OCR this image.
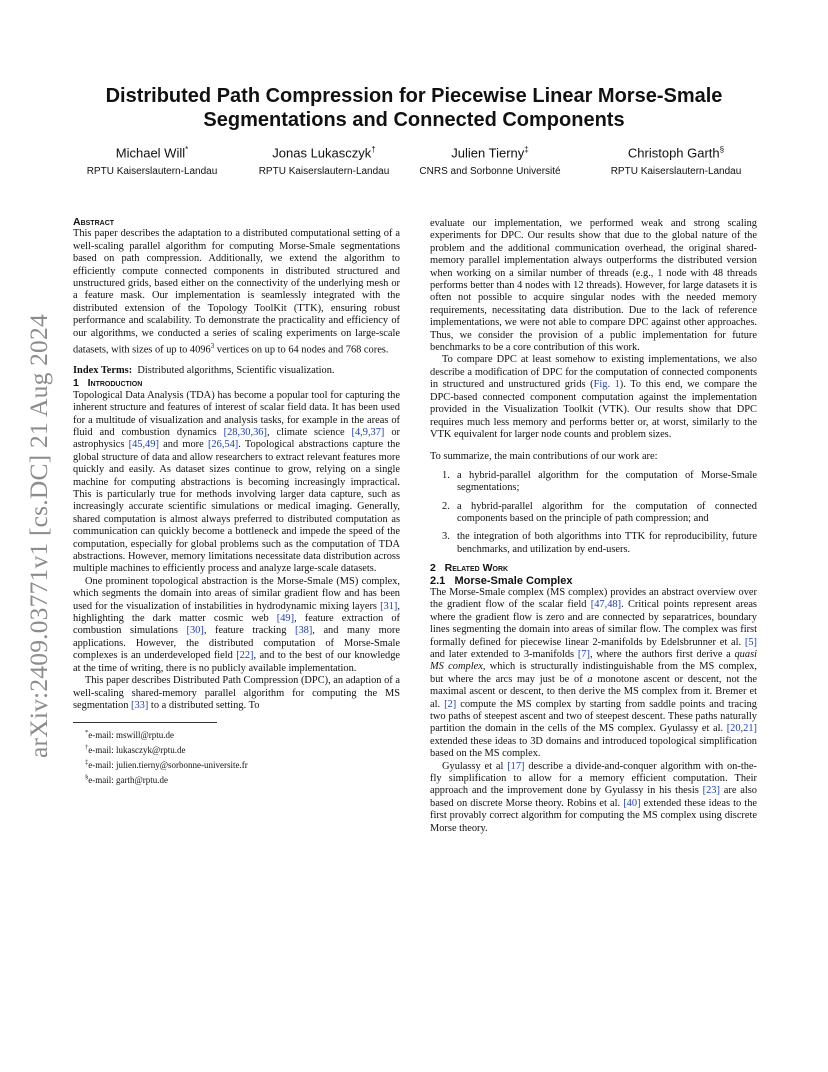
arXiv:2409.03771v1 [cs.DC] 21 Aug 2024
Distributed Path Compression for Piecewise Linear Morse-Smale Segmentations and Connected Components
Michael Will*
RPTU Kaiserslautern-Landau
Jonas Lukasczyk†
RPTU Kaiserslautern-Landau
Julien Tierny‡
CNRS and Sorbonne Université
Christoph Garth§
RPTU Kaiserslautern-Landau

Abstract

This paper describes the adaptation to a distributed computational setting of a well-scaling parallel algorithm for computing Morse-Smale segmentations based on path compression. Additionally, we extend the algorithm to efficiently compute connected components in distributed structured and unstructured grids, based either on the connectivity of the underlying mesh or a feature mask. Our implementation is seamlessly integrated with the distributed extension of the Topology ToolKit (TTK), ensuring robust performance and scalability. To demonstrate the practicality and efficiency of our algorithms, we conducted a series of scaling experiments on large-scale datasets, with sizes of up to 4096$^3$ vertices on up to 64 nodes and 768 cores.

Index Terms: Distributed algorithms, Scientific visualization.

1 Introduction

Topological Data Analysis (TDA) has become a popular tool for capturing the inherent structure and features of interest of scalar field data. It has been used for a multitude of visualization and analysis tasks, for example in the areas of fluid and combustion dynamics [28,30,36], climate science [4,9,37] or astrophysics [45,49] and more [26,54]. Topological abstractions capture the global structure of data and allow researchers to extract relevant features more quickly and easily. As dataset sizes continue to grow, relying on a single machine for computing abstractions is becoming increasingly impractical. This is particularly true for methods involving larger data capture, such as increasingly accurate scientific simulations or medical imaging. Generally, shared computation is almost always preferred to distributed computation as communication can quickly become a bottleneck and impede the speed of the computation, especially for global problems such as the computation of TDA abstractions. However, memory limitations necessitate data distribution across multiple machines to efficiently process and analyze large-scale datasets.

One prominent topological abstraction is the Morse-Smale (MS) complex, which segments the domain into areas of similar gradient flow and has been used for the visualization of instabilities in hydrodynamic mixing layers [31], highlighting the dark matter cosmic web [49], feature extraction of combustion simulations [30], feature tracking [38], and many more applications. However, the distributed computation of Morse-Smale complexes is an underdeveloped field [22], and to the best of our knowledge at the time of writing, there is no publicly available implementation.

This paper describes Distributed Path Compression (DPC), an adaption of a well-scaling shared-memory parallel algorithm for computing the MS segmentation [33] to a distributed setting. To

*e-mail: mswill@rptu.de
†e-mail: lukasczyk@rptu.de
‡e-mail: julien.tierny@sorbonne-universite.fr
§e-mail: garth@rptu.de

evaluate our implementation, we performed weak and strong scaling experiments for DPC. Our results show that due to the global nature of the problem and the additional communication overhead, the original shared-memory parallel implementation always outperforms the distributed version when working on a similar number of threads (e.g., 1 node with 48 threads performs better than 4 nodes with 12 threads). However, for large datasets it is often not possible to acquire singular nodes with the needed memory requirements, necessitating data distribution. Due to the lack of reference implementations, we were not able to compare DPC against other approaches. Thus, we consider the provision of a public implementation for future benchmarks to be a core contribution of this work.

To compare DPC at least somehow to existing implementations, we also describe a modification of DPC for the computation of connected components in structured and unstructured grids (Fig. 1). To this end, we compare the DPC-based connected component computation against the implementation provided in the Visualization Toolkit (VTK). Our results show that DPC requires much less memory and performs better or, at worst, similarly to the VTK equivalent for larger node counts and problem sizes.

To summarize, the main contributions of our work are:

1. a hybrid-parallel algorithm for the computation of Morse-Smale segmentations;
2. a hybrid-parallel algorithm for the computation of connected components based on the principle of path compression; and
3. the integration of both algorithms into TTK for reproducibility, future benchmarks, and utilization by end-users.

2 Related Work

2.1 Morse-Smale Complex

The Morse-Smale complex (MS complex) provides an abstract overview over the gradient flow of the scalar field [47,48]. Critical points represent areas where the gradient flow is zero and are connected by separatrices, boundary lines segmenting the domain into areas of similar flow. The complex was first formally defined for piecewise linear 2-manifolds by Edelsbrunner et al. [5] and later extended to 3-manifolds [7], where the authors first derive a quasi MS complex, which is structurally indistinguishable from the MS complex, but where the arcs may just be of a monotone ascent or descent, not the maximal ascent or descent, to then derive the MS complex from it. Bremer et al. [2] compute the MS complex by starting from saddle points and tracing two paths of steepest ascent and two of steepest descent. These paths naturally partition the domain in the cells of the MS complex. Gyulassy et al. [20,21] extended these ideas to 3D domains and introduced topological simplification based on the MS complex.

Gyulassy et al [17] describe a divide-and-conquer algorithm with on-the-fly simplification to allow for a memory efficient computation. Their approach and the improvement done by Gyulassy in his thesis [23] are also based on discrete Morse theory. Robins et al. [40] extended these ideas to the first provably correct algorithm for computing the MS complex using discrete Morse theory.
